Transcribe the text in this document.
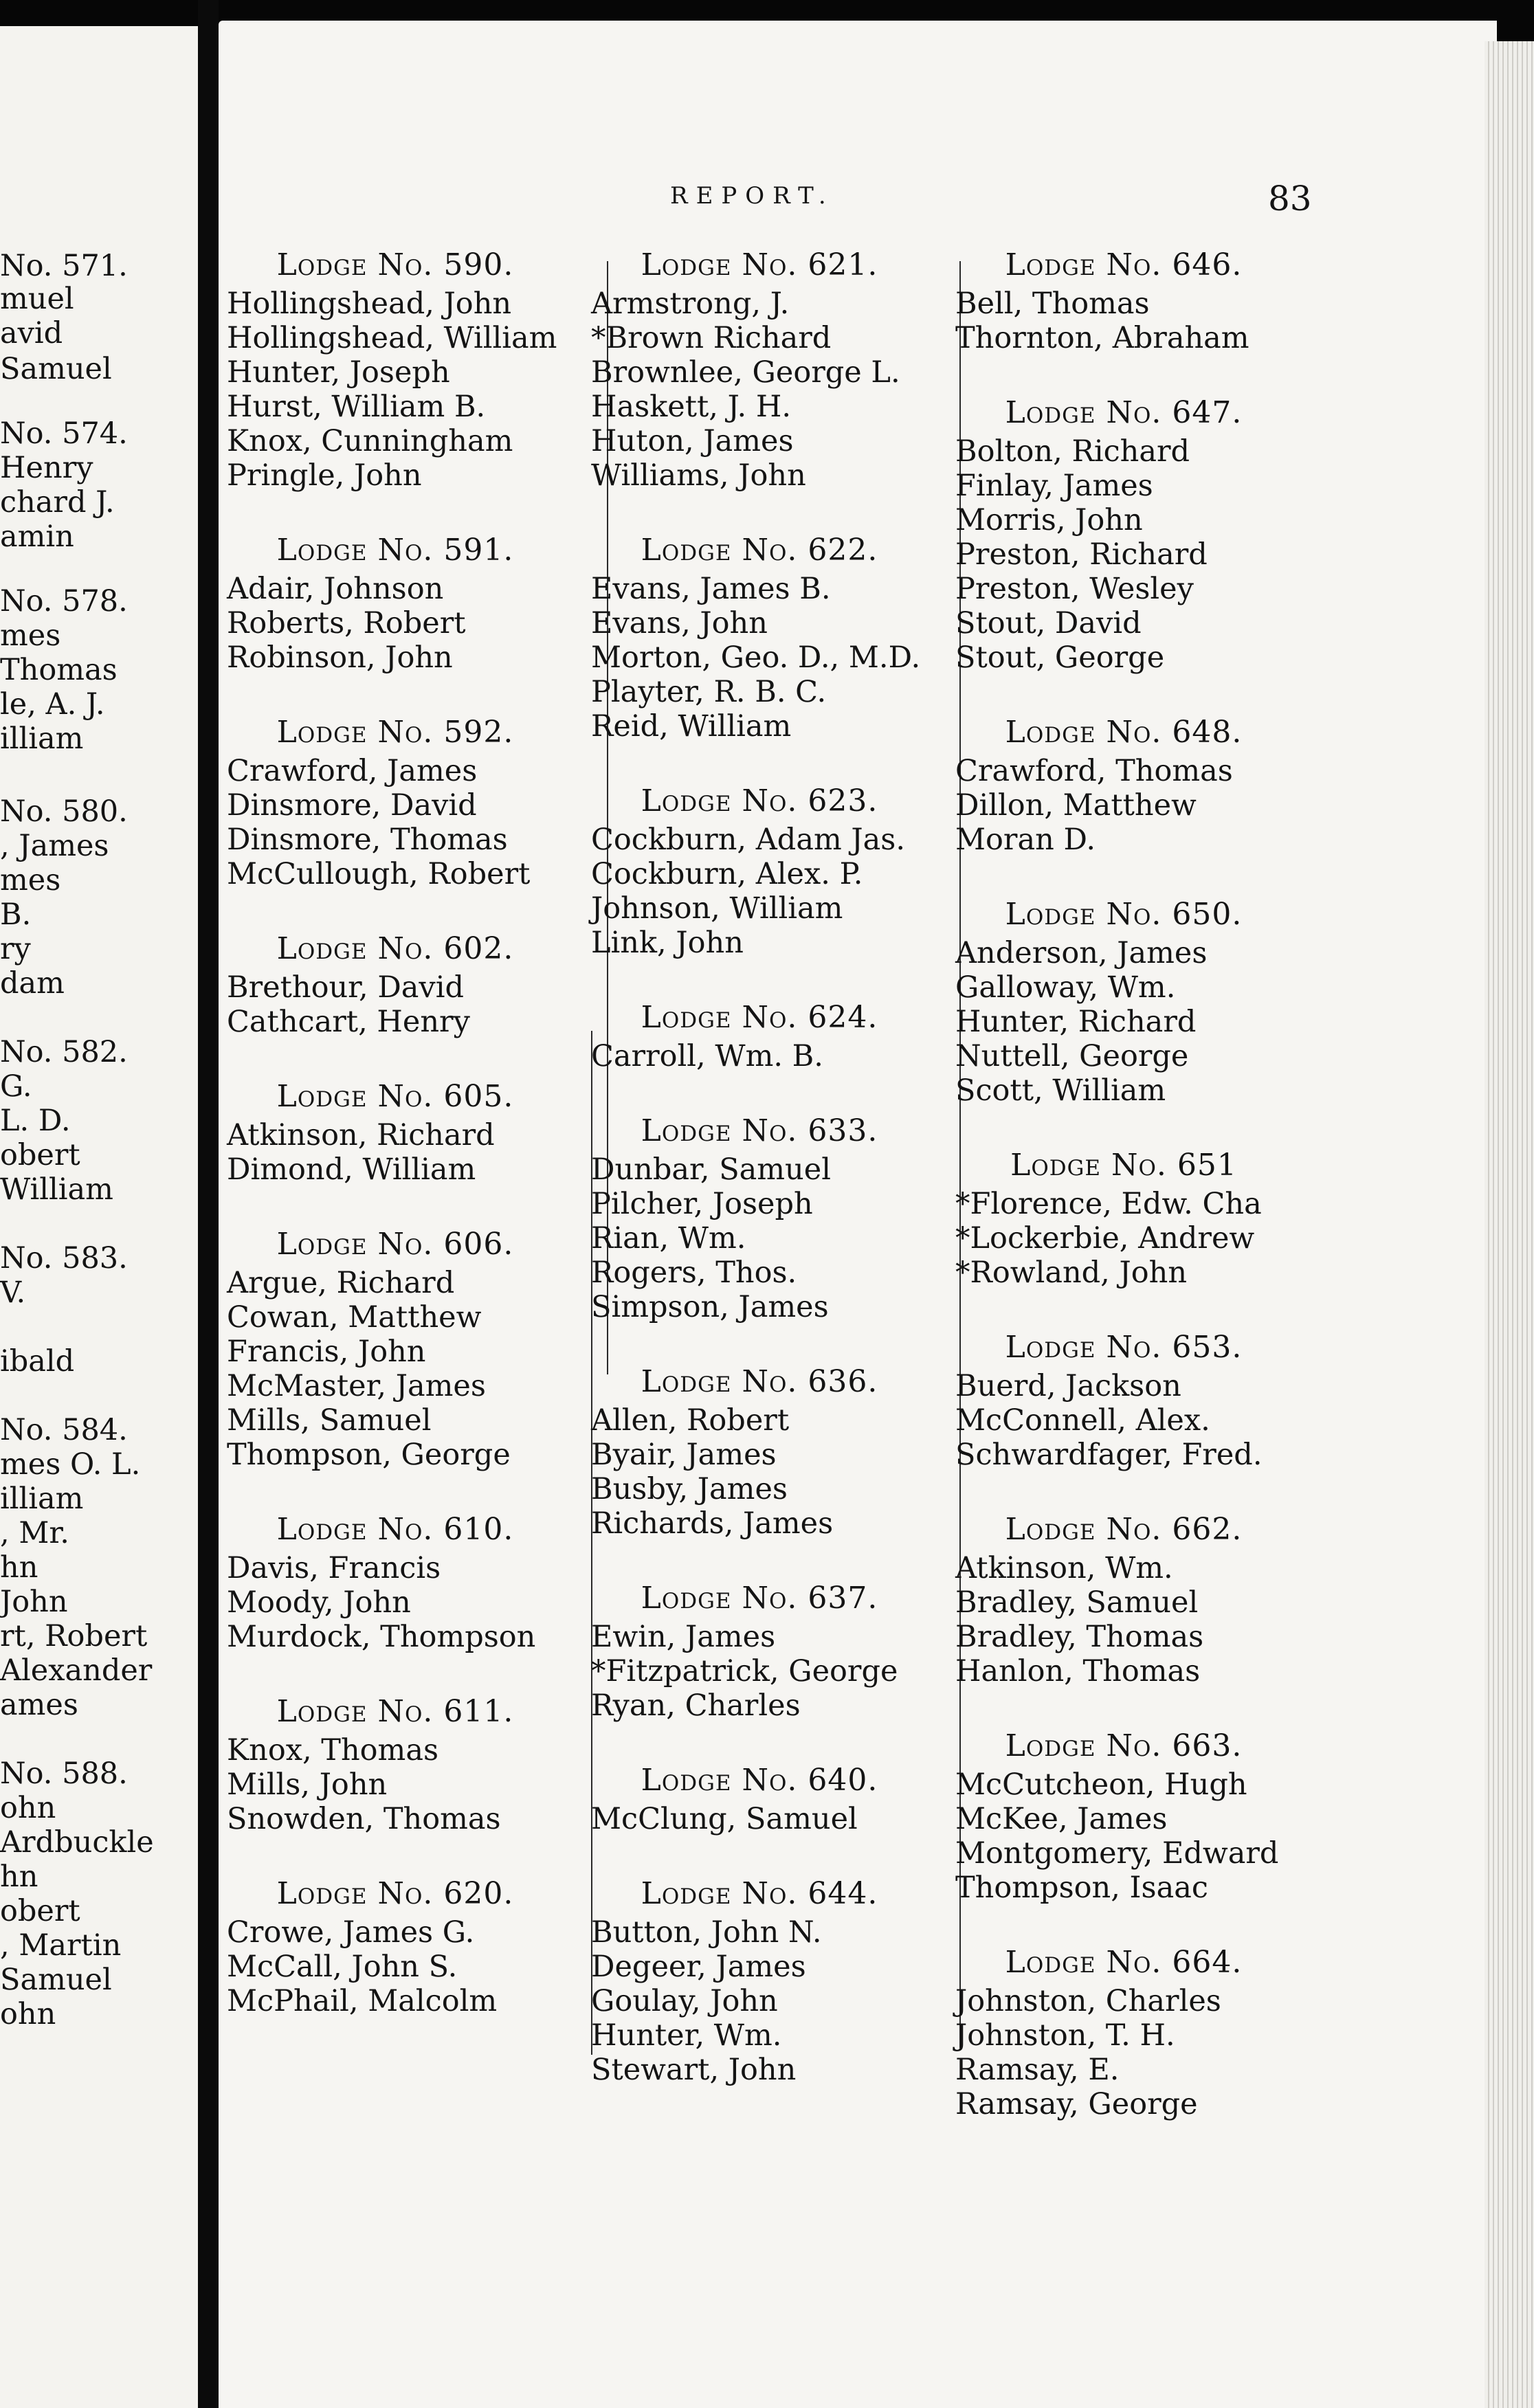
REPORT.	83
No. 571.
muel
avid
Samuel
No. 574.
Henry
chard J.
amin
No. 578.
mes
Thomas
le, A. J.
illiam
No. 580.
, James
mes
B.
ry
dam
No. 582.
G.
L. D.
obert
William
No. 583.
V.
ibald
No. 584.
mes O. L.
illiam
, Mr.
hn
John
rt, Robert
Alexander
ames
No. 588.
ohn
Ardbuckle
hn
obert
, Martin
Samuel
ohn
Lodge No. 590.
Hollingshead, John
Hollingshead, William
Hunter, Joseph
Hurst, William B.
Knox, Cunningham
Pringle, John
Lodge No. 591.
Adair, Johnson
Roberts, Robert
Robinson, John
Lodge No. 592.
Crawford, James
Dinsmore, David
Dinsmore, Thomas
McCullough, Robert
Lodge No. 602.
Brethour, David
Cathcart, Henry
Lodge No. 605.
Atkinson, Richard
Dimond, William
Lodge No. 606.
Argue, Richard
Cowan, Matthew
Francis, John
McMaster, James
Mills, Samuel
Thompson, George
Lodge No. 610.
Davis, Francis
Moody, John
Murdock, Thompson
Lodge No. 611.
Knox, Thomas
Mills, John
Snowden, Thomas
Lodge No. 620.
Crowe, James G.
McCall, John S.
McPhail, Malcolm
Lodge No. 621.
Armstrong, J.
*Brown Richard
Brownlee, George L.
Haskett, J. H.
Huton, James
Williams, John
Lodge No. 622.
Evans, James B.
Evans, John
Morton, Geo. D., M.D.
Playter, R. B. C.
Reid, William
Lodge No. 623.
Cockburn, Adam Jas.
Cockburn, Alex. P.
Johnson, William
Link, John
Lodge No. 624.
Carroll, Wm. B.
Lodge No. 633.
Dunbar, Samuel
Pilcher, Joseph
Rian, Wm.
Rogers, Thos.
Simpson, James
Lodge No. 636.
Allen, Robert
Byair, James
Busby, James
Richards, James
Lodge No. 637.
Ewin, James
*Fitzpatrick, George
Ryan, Charles
Lodge No. 640.
McClung, Samuel
Lodge No. 644.
Button, John N.
Degeer, James
Goulay, John
Hunter, Wm.
Stewart, John
Lodge No. 646.
Bell, Thomas
Thornton, Abraham
Lodge No. 647.
Bolton, Richard
Finlay, James
Morris, John
Preston, Richard
Preston, Wesley
Stout, David
Stout, George
Lodge No. 648.
Crawford, Thomas
Dillon, Matthew
Moran D.
Lodge No. 650.
Anderson, James
Galloway, Wm.
Hunter, Richard
Nuttell, George
Scott, William
Lodge No. 651
*Florence, Edw. Cha
*Lockerbie, Andrew
*Rowland, John
Lodge No. 653.
Buerd, Jackson
McConnell, Alex.
Schwardfager, Fred.
Lodge No. 662.
Atkinson, Wm.
Bradley, Samuel
Bradley, Thomas
Hanlon, Thomas
Lodge No. 663.
McCutcheon, Hugh
McKee, James
Montgomery, Edward
Thompson, Isaac
Lodge No. 664.
Johnston, Charles
Johnston, T. H.
Ramsay, E.
Ramsay, George
